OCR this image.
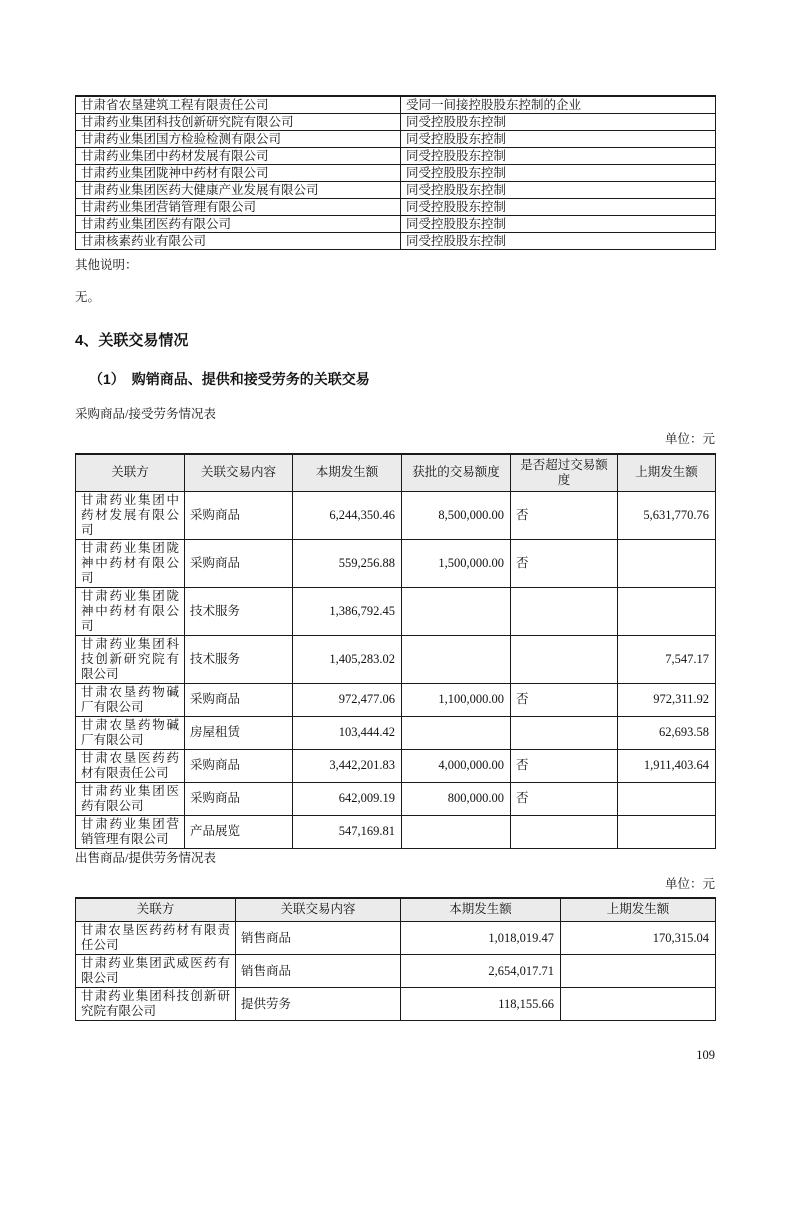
甘肃省农垦建筑工程有限责任公司	受同一间接控股股东控制的企业
甘肃药业集团科技创新研究院有限公司	同受控股股东控制
甘肃药业集团国方检验检测有限公司	同受控股股东控制
甘肃药业集团中药材发展有限公司	同受控股股东控制
甘肃药业集团陇神中药材有限公司	同受控股股东控制
甘肃药业集团医药大健康产业发展有限公司	同受控股股东控制
甘肃药业集团营销管理有限公司	同受控股股东控制
甘肃药业集团医药有限公司	同受控股股东控制
甘肃核素药业有限公司	同受控股股东控制

其他说明：

无。

4、关联交易情况
（1）　购销商品、提供和接受劳务的关联交易

采购商品/接受劳务情况表

单位：元

关联方	关联交易内容	本期发生额	获批的交易额度	是否超过交易额度	上期发生额
甘肃药业集团中药材发展有限公司	采购商品	6,244,350.46	8,500,000.00	否	5,631,770.76
甘肃药业集团陇神中药材有限公司	采购商品	559,256.88	1,500,000.00	否	
甘肃药业集团陇神中药材有限公司	技术服务	1,386,792.45			
甘肃药业集团科技创新研究院有限公司	技术服务	1,405,283.02			7,547.17
甘肃农垦药物碱厂有限公司	采购商品	972,477.06	1,100,000.00	否	972,311.92
甘肃农垦药物碱厂有限公司	房屋租赁	103,444.42			62,693.58
甘肃农垦医药药材有限责任公司	采购商品	3,442,201.83	4,000,000.00	否	1,911,403.64
甘肃药业集团医药有限公司	采购商品	642,009.19	800,000.00	否	
甘肃药业集团营销管理有限公司	产品展览	547,169.81			

出售商品/提供劳务情况表

单位：元

关联方	关联交易内容	本期发生额	上期发生额
甘肃农垦医药药材有限责任公司	销售商品	1,018,019.47	170,315.04
甘肃药业集团武威医药有限公司	销售商品	2,654,017.71	
甘肃药业集团科技创新研究院有限公司	提供劳务	118,155.66	
109
